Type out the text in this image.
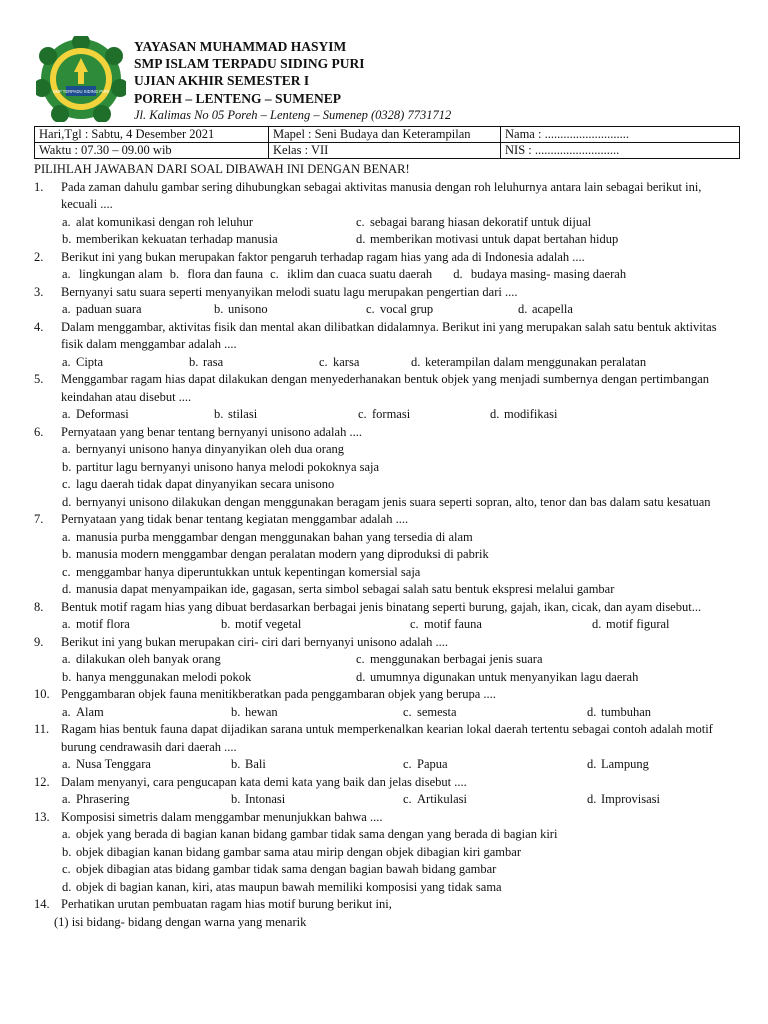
SMP TERPADU SIDING PURI
YAYASAN MUHAMMAD HASYIM
SMP ISLAM TERPADU SIDING PURI
UJIAN AKHIR SEMESTER I
POREH – LENTENG – SUMENEP
Jl. Kalimas No 05 Poreh – Lenteng – Sumenep (0328) 7731712
Hari,Tgl : Sabtu, 4 Desember 2021	Mapel : Seni Budaya dan Keterampilan	Nama : ...........................
Waktu : 07.30 – 09.00 wib	Kelas : VII	NIS : ...........................

PILIHLAH JAWABAN DARI SOAL DIBAWAH INI DENGAN BENAR!

1.	Pada zaman dahulu gambar sering dihubungkan sebagai aktivitas manusia dengan roh leluhurnya antara lain sebagai berikut ini, kecuali ....
a. alat komunikasi dengan roh leluhur	c. sebagai barang hiasan dekoratif untuk dijual
b. memberikan kekuatan terhadap manusia	d. memberikan motivasi untuk dapat bertahan hidup
2.	Berikut ini yang bukan merupakan faktor pengaruh terhadap ragam hias yang ada di Indonesia adalah ....
a. lingkungan alam b. flora dan fauna c. iklim dan cuaca suatu daerah d. budaya masing- masing daerah
3.	Bernyanyi satu suara seperti menyanyikan melodi suatu lagu merupakan pengertian dari ....
a. paduan suara	b. unisono	c. vocal grup	d. acapella
4.	Dalam menggambar, aktivitas fisik dan mental akan dilibatkan didalamnya. Berikut ini yang merupakan salah satu bentuk aktivitas fisik dalam menggambar adalah ....
a. Cipta	b. rasa	c. karsa	d. keterampilan dalam menggunakan peralatan
5.	Menggambar ragam hias dapat dilakukan dengan menyederhanakan bentuk objek yang menjadi sumbernya dengan pertimbangan keindahan atau disebut ....
a. Deformasi	b. stilasi	c. formasi	d. modifikasi
6.	Pernyataan yang benar tentang bernyanyi unisono adalah ....
a. bernyanyi unisono hanya dinyanyikan oleh dua orang
b. partitur lagu bernyanyi unisono hanya melodi pokoknya saja
c. lagu daerah tidak dapat dinyanyikan secara unisono
d. bernyanyi unisono dilakukan dengan menggunakan beragam jenis suara seperti sopran, alto, tenor dan bas dalam satu kesatuan
7.	Pernyataan yang tidak benar tentang kegiatan menggambar adalah ....
a. manusia purba menggambar dengan menggunakan bahan yang tersedia di alam
b. manusia modern menggambar dengan peralatan modern yang diproduksi di pabrik
c. menggambar hanya diperuntukkan untuk kepentingan komersial saja
d. manusia dapat menyampaikan ide, gagasan, serta simbol sebagai salah satu bentuk ekspresi melalui gambar
8.	Bentuk motif ragam hias yang dibuat berdasarkan berbagai jenis binatang seperti burung, gajah, ikan, cicak, dan ayam disebut...
a. motif flora	b. motif vegetal	c. motif fauna	d. motif figural
9.	Berikut ini yang bukan merupakan ciri- ciri dari bernyanyi unisono adalah ....
a. dilakukan oleh banyak orang	c. menggunakan berbagai jenis suara
b. hanya menggunakan melodi pokok	d. umumnya digunakan untuk menyanyikan lagu daerah
10. Penggambaran objek fauna menitikberatkan pada penggambaran objek yang berupa ....
a. Alam	b. hewan	c. semesta	d. tumbuhan
11. Ragam hias bentuk fauna dapat dijadikan sarana untuk memperkenalkan kearian lokal daerah tertentu sebagai contoh adalah motif burung cendrawasih dari daerah ....
a. Nusa Tenggara	b. Bali	c. Papua	d. Lampung
12. Dalam menyanyi, cara pengucapan kata demi kata yang baik dan jelas disebut ....
a. Phrasering	b. Intonasi	c. Artikulasi	d. Improvisasi
13. Komposisi simetris dalam menggambar menunjukkan bahwa ....
a. objek yang berada di bagian kanan bidang gambar tidak sama dengan yang berada di bagian kiri
b. objek dibagian kanan bidang gambar sama atau mirip dengan objek dibagian kiri gambar
c. objek dibagian atas bidang gambar tidak sama dengan bagian bawah bidang gambar
d. objek di bagian kanan, kiri, atas maupun bawah memiliki komposisi yang tidak sama
14. Perhatikan urutan pembuatan ragam hias motif burung berikut ini,
(1) isi bidang- bidang dengan warna yang menarik
